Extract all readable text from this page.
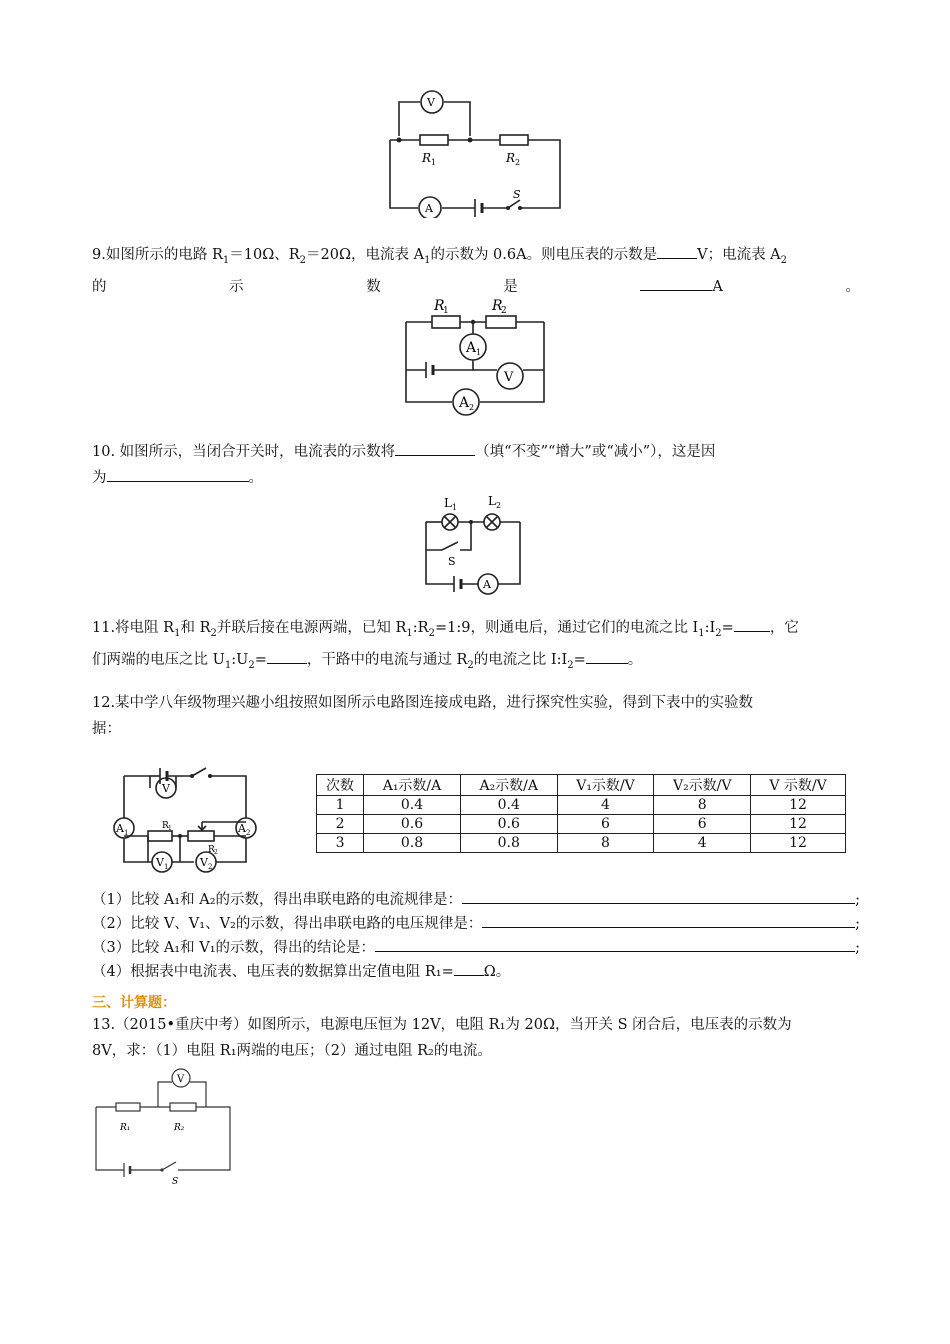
V
A
R 1	R 2
S
9.如图所示的电路 $R_1=10\Omega$、$R_2=20\Omega$，电流表 $A_1$的示数为 0.6A。则电压表的示数是	V；电流表 $A_2$
的	示	数	是	A	。
R
1	R
2
A 1
V
A 2
10. 如图所示，当闭合开关时，电流表的示数将	（填“不变”“增大”或“减小”），这是因
为	。
L 1	L 2
S
A
11.将电阻 $R_1$和 $R_2$并联后接在电源两端，已知 $R_1:R_2=1:9$，则通电后，通过它们的电流之比 $I_1:I_2=$ ，它
们两端的电压之比 $U_1:U_2=$	，干路中的电流与通过 $R_2$的电流之比 $I:I_2=$	。
12.某中学八年级物理兴趣小组按照如图所示电路图连接成电路，进行探究性实验，得到下表中的实验数
据：
A 1	A 2
V
V 1	V 2
R 1
R 2
次数	A₁示数/A	A₂示数/A	V₁示数/V	V₂示数/V	V 示数/V
1	0.4	0.4	4	8	12
2	0.6	0.6	6	6	12
3	0.8	0.8	8	4	12
（1）比较 A₁和 A₂的示数，得出串联电路的电流规律是：	;
（2）比较 V、V₁、V₂的示数，得出串联电路的电压规律是：	;
（3）比较 A₁和 V₁的示数，得出的结论是：	;
（4）根据表中电流表、电压表的数据算出定值电阻 R₁= Ω。
三、计算题：
13.（2015•重庆中考）如图所示，电源电压恒为 12V，电阻 R₁为 20Ω，当开关 S 闭合后，电压表的示数为
8V，求：（1）电阻 R₁两端的电压；（2）通过电阻 R₂的电流。
V
R₁	R₂
S
